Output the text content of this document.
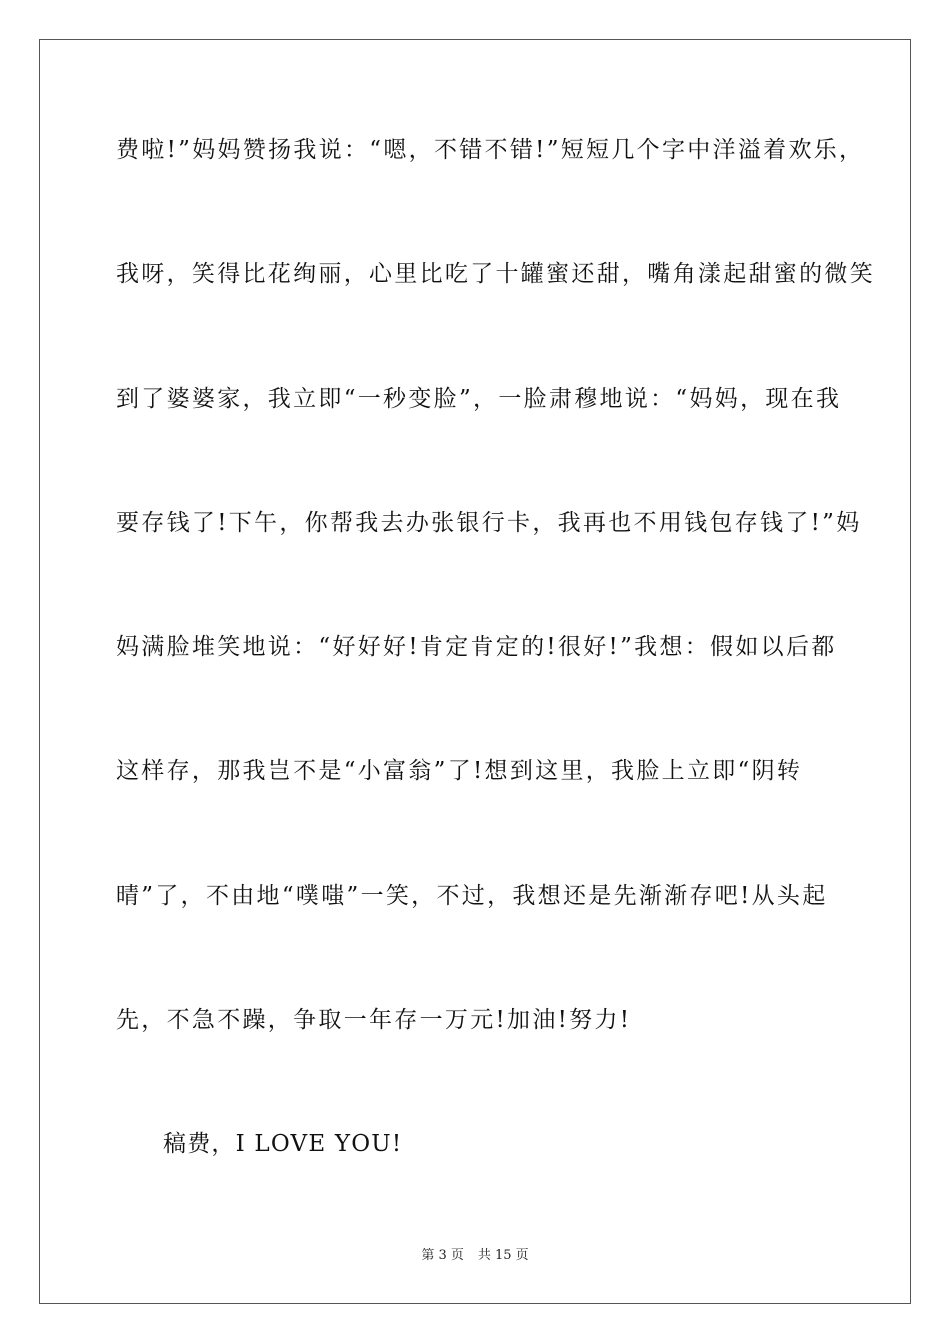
费啦!”妈妈赞扬我说：“嗯，不错不错!”短短几个字中洋溢着欢乐，

我呀，笑得比花绚丽，心里比吃了十罐蜜还甜，嘴角漾起甜蜜的微笑

到了婆婆家，我立即“一秒变脸”，一脸肃穆地说：“妈妈，现在我

要存钱了!下午，你帮我去办张银行卡，我再也不用钱包存钱了!”妈

妈满脸堆笑地说：“好好好!肯定肯定的!很好!”我想：假如以后都

这样存，那我岂不是“小富翁”了!想到这里，我脸上立即“阴转

晴”了，不由地“噗嗤”一笑，不过，我想还是先渐渐存吧!从头起

先，不急不躁，争取一年存一万元!加油!努力!

稿费，I LOVE YOU!

第 3 页 共 15 页
